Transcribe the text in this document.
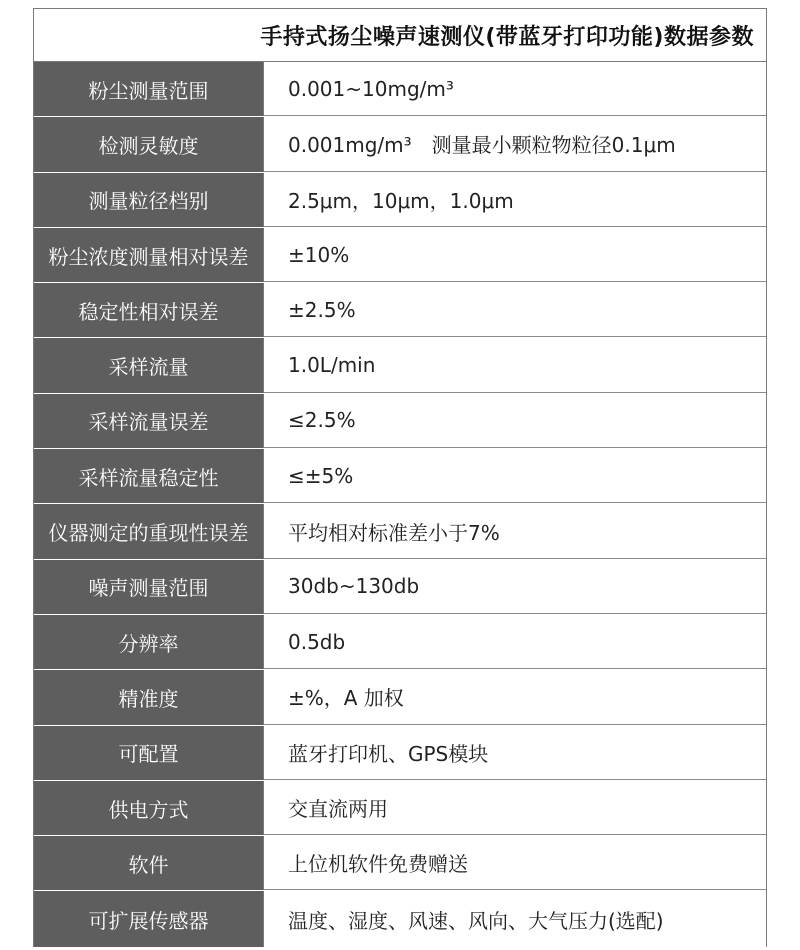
手持式扬尘噪声速测仪(带蓝牙打印功能)数据参数
粉尘测量范围	0.001~10mg/m³
检测灵敏度	0.001mg/m³　测量最小颗粒物粒径0.1μm
测量粒径档别	2.5μm，10μm，1.0μm
粉尘浓度测量相对误差	±10%
稳定性相对误差	±2.5%
采样流量	1.0L/min
采样流量误差	≤2.5%
采样流量稳定性	≤±5%
仪器测定的重现性误差	平均相对标准差小于7%
噪声测量范围	30db~130db
分辨率	0.5db
精准度	±%，A 加权
可配置	蓝牙打印机、GPS模块
供电方式	交直流两用
软件	上位机软件免费赠送
可扩展传感器	温度、湿度、风速、风向、大气压力(选配)
